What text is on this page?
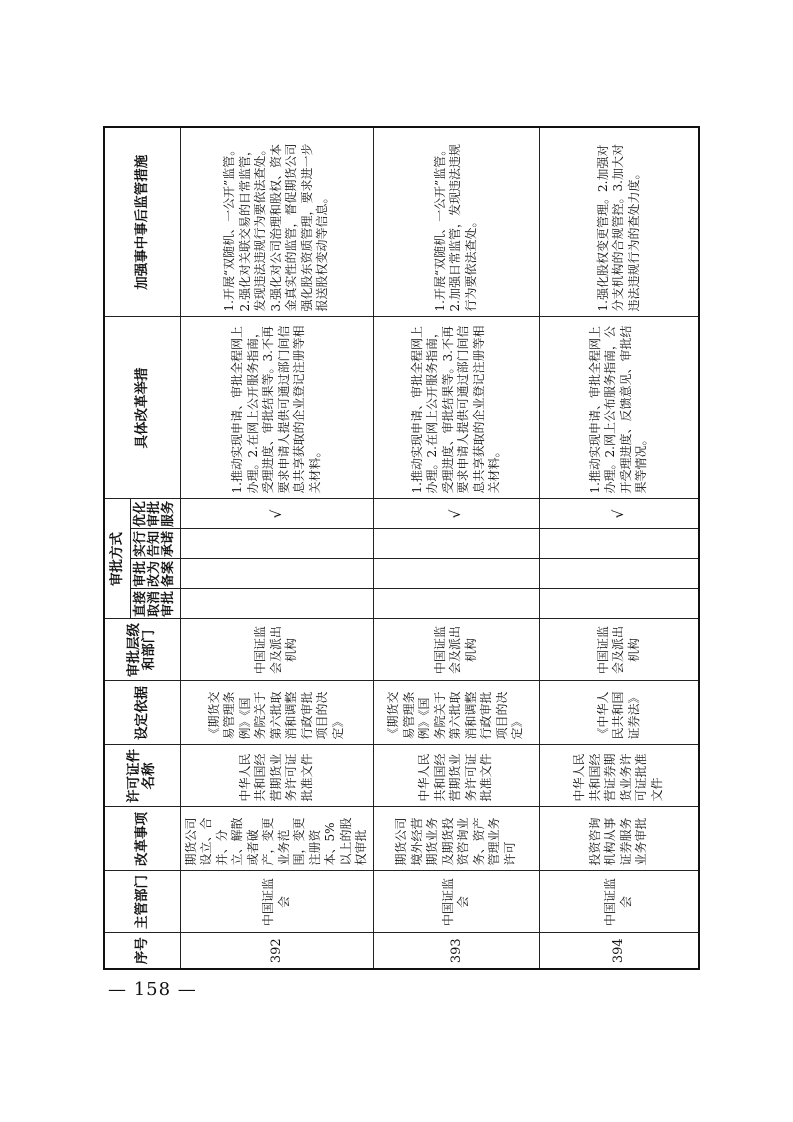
序号	主管部门	改革事项	许可证件名称	设定依据	审批层级和部门	审批方式				具体改革举措	加强事中事后监管措施
						直接取消审批	审批改为备案	实行告知承诺	优化审批服务		
392	中国证监会	期货公司设立、合并、分立、解散或者破产，变更业务范围，变更注册资本、5%以上的股权审批	中华人民共和国经营期货业务许可证批准文件	《期货交易管理条例》《国务院关于第六批取消和调整行政审批项目的决定》	中国证监会及派出机构				√	1.推动实现申请、审批全程网上办理。2.在网上公开服务指南，受理进度、审批结果等。3.不再要求申请人提供可通过部门间信息共享获取的企业登记注册等相关材料。	1.开展“双随机、一公开”监管。2.强化对关联交易的日常监管，发现违法违规行为要依法查处。3.强化对公司治理和股权、资本金真实性的监管，督促期货公司强化股东资质管理，要求进一步报送股权变动等信息。
393	中国证监会	期货公司境外经营期货业务及期货投资咨询业务、资产管理业务许可	中华人民共和国经营期货业务许可证批准文件	《期货交易管理条例》《国务院关于第六批取消和调整行政审批项目的决定》	中国证监会及派出机构				√	1.推动实现申请、审批全程网上办理。2.在网上公开服务指南，受理进度、审批结果等。3.不再要求申请人提供可通过部门间信息共享获取的企业登记注册等相关材料。	1.开展“双随机、一公开”监管。2.加强日常监管，发现违法违规行为要依法查处。
394	中国证监会	投资咨询机构从事证券服务业务审批	中华人民共和国经营证券期货业务许可证批准文件	《中华人民共和国证券法》	中国证监会及派出机构				√	1.推动实现申请、审批全程网上办理。2.网上公布服务指南，公开受理进度、反馈意见、审批结果等情况。	1.强化股权变更管理。2.加强对分支机构的合规管控。3.加大对违法违规行为的查处力度。
— 158 —
